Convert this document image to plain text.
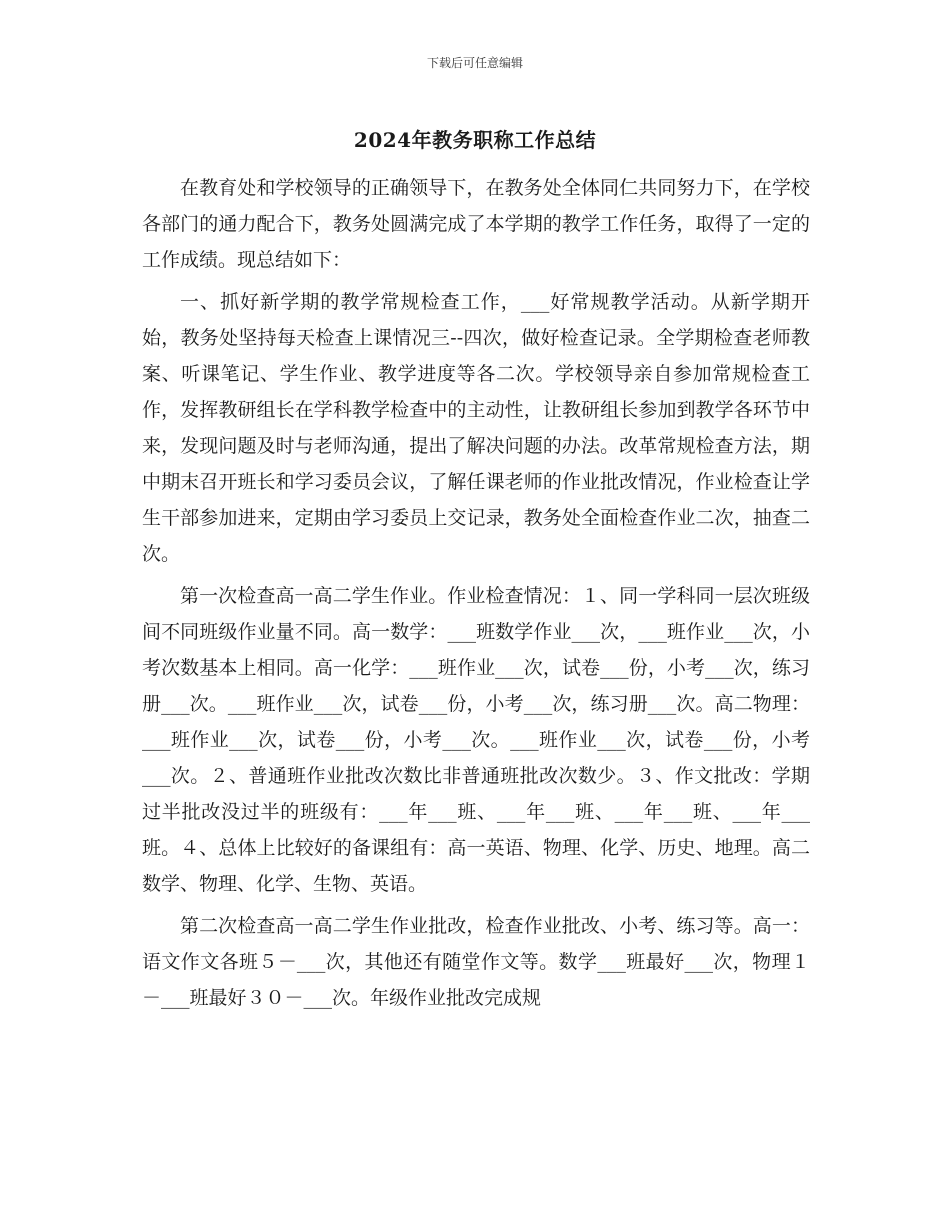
下载后可任意编辑
2024年教务职称工作总结

在教育处和学校领导的正确领导下，在教务处全体同仁共同努力下，在学校各部门的通力配合下，教务处圆满完成了本学期的教学工作任务，取得了一定的工作成绩。现总结如下：

一、抓好新学期的教学常规检查工作，___好常规教学活动。从新学期开始，教务处坚持每天检查上课情况三--四次，做好检查记录。全学期检查老师教案、听课笔记、学生作业、教学进度等各二次。学校领导亲自参加常规检查工作，发挥教研组长在学科教学检查中的主动性，让教研组长参加到教学各环节中来，发现问题及时与老师沟通，提出了解决问题的办法。改革常规检查方法，期中期末召开班长和学习委员会议，了解任课老师的作业批改情况，作业检查让学生干部参加进来，定期由学习委员上交记录，教务处全面检查作业二次，抽查二次。

第一次检查高一高二学生作业。作业检查情况：１、同一学科同一层次班级间不同班级作业量不同。高一数学：___班数学作业___次，___班作业___次，小考次数基本上相同。高一化学：___班作业___次，试卷___份，小考___次，练习册___次。___班作业___次，试卷___份，小考___次，练习册___次。高二物理：___班作业___次，试卷___份，小考___次。___班作业___次，试卷___份，小考___次。２、普通班作业批改次数比非普通班批改次数少。３、作文批改：学期过半批改没过半的班级有：___年___班、___年___班、___年___班、___年___班。４、总体上比较好的备课组有：高一英语、物理、化学、历史、地理。高二数学、物理、化学、生物、英语。

第二次检查高一高二学生作业批改，检查作业批改、小考、练习等。高一：语文作文各班５－___次，其他还有随堂作文等。数学___班最好___次，物理１－___班最好３０－___次。年级作业批改完成规
